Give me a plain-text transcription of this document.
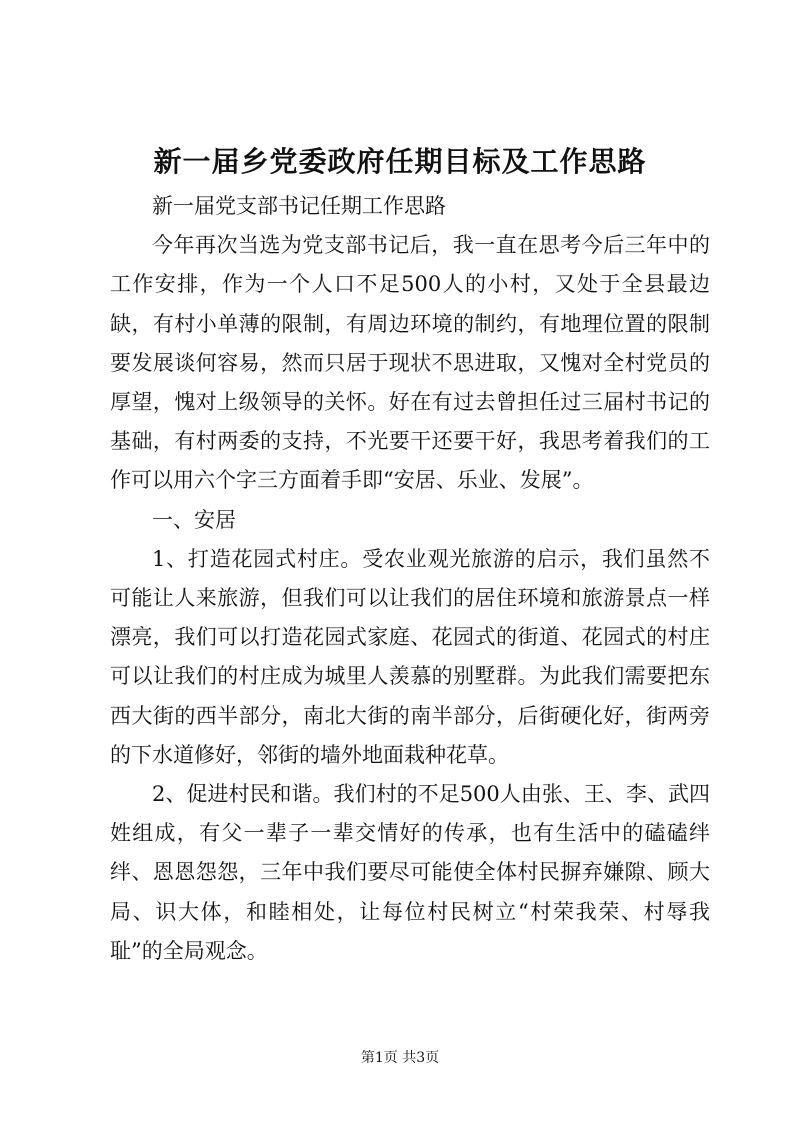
新一届乡党委政府任期目标及工作思路

新一届党支部书记任期工作思路

今年再次当选为党支部书记后，我一直在思考今后三年中的工作安排，作为一个人口不足500人的小村，又处于全县最边缺，有村小单薄的限制，有周边环境的制约，有地理位置的限制要发展谈何容易，然而只居于现状不思进取，又愧对全村党员的厚望，愧对上级领导的关怀。好在有过去曾担任过三届村书记的基础，有村两委的支持，不光要干还要干好，我思考着我们的工作可以用六个字三方面着手即“安居、乐业、发展”。

一、安居

1、打造花园式村庄。受农业观光旅游的启示，我们虽然不可能让人来旅游，但我们可以让我们的居住环境和旅游景点一样漂亮，我们可以打造花园式家庭、花园式的街道、花园式的村庄可以让我们的村庄成为城里人羡慕的别墅群。为此我们需要把东西大街的西半部分，南北大街的南半部分，后街硬化好，街两旁的下水道修好，邻街的墙外地面栽种花草。

2、促进村民和谐。我们村的不足500人由张、王、李、武四姓组成，有父一辈子一辈交情好的传承，也有生活中的磕磕绊绊、恩恩怨怨，三年中我们要尽可能使全体村民摒弃嫌隙、顾大局、识大体，和睦相处，让每位村民树立“村荣我荣、村辱我耻”的全局观念。

第1页 共3页
